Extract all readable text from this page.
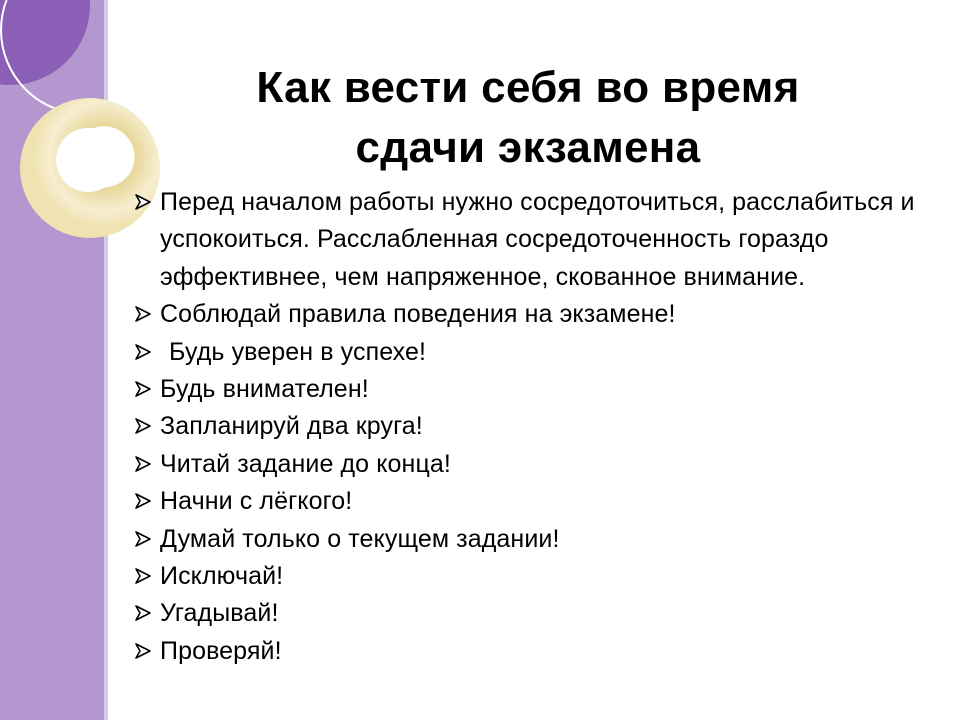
Как вести себя во время
сдачи экзамена
Перед началом работы нужно сосредоточиться, расслабиться и успокоиться. Расслабленная сосредоточенность гораздо эффективнее, чем напряженное, скованное внимание.
Соблюдай правила поведения на экзамене!
Будь уверен в успехе!
Будь внимателен!
Запланируй два круга!
Читай задание до конца!
Начни с лёгкого!
Думай только о текущем задании!
Исключай!
Угадывай!
Проверяй!
